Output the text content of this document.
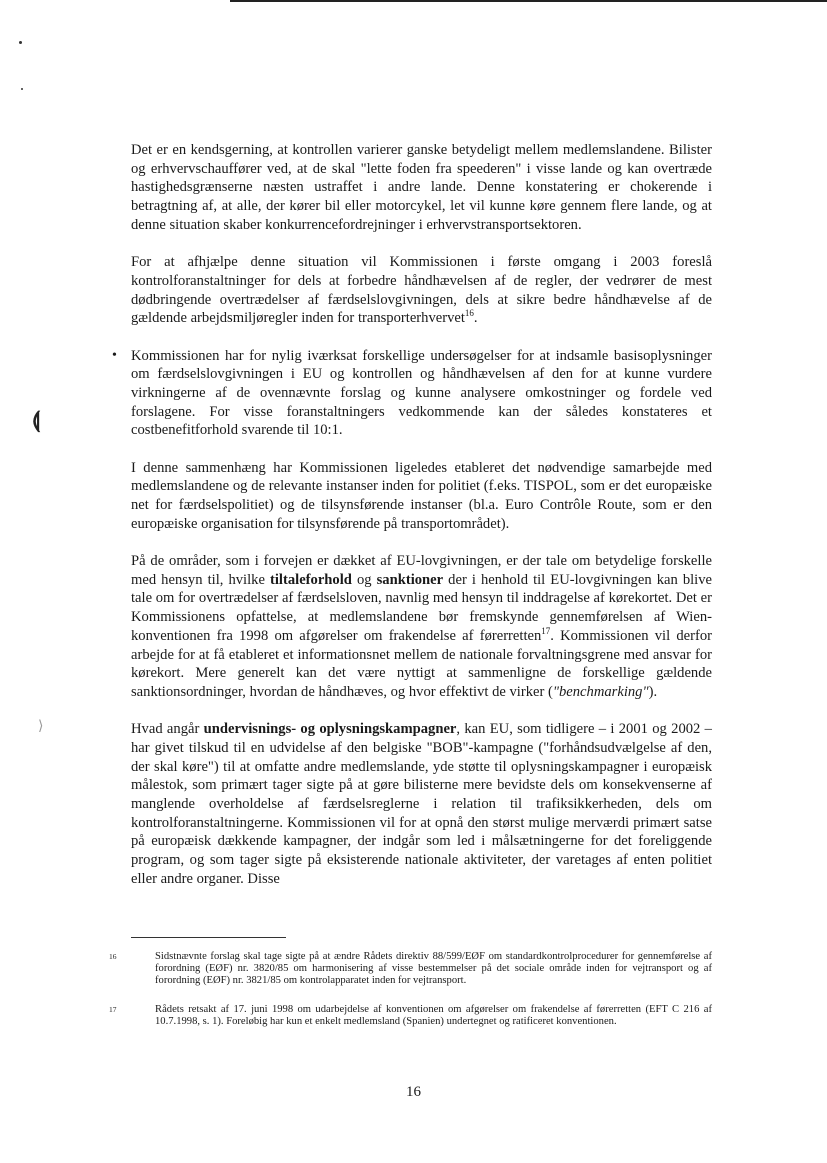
⟬
⟩

Det er en kendsgerning, at kontrollen varierer ganske betydeligt mellem medlemslandene. Bilister og erhvervschauffører ved, at de skal "lette foden fra speederen" i visse lande og kan overtræde hastighedsgrænserne næsten ustraffet i andre lande. Denne konstatering er chokerende i betragtning af, at alle, der kører bil eller motorcykel, let vil kunne køre gennem flere lande, og at denne situation skaber konkurrencefordrejninger i erhvervstransportsektoren.

For at afhjælpe denne situation vil Kommissionen i første omgang i 2003 foreslå kontrolforanstaltninger for dels at forbedre håndhævelsen af de regler, der vedrører de mest dødbringende overtrædelser af færdselslovgivningen, dels at sikre bedre håndhævelse af de gældende arbejdsmiljøregler inden for transporterhvervet$^{16}$.

• Kommissionen har for nylig iværksat forskellige undersøgelser for at indsamle basisoplysninger om færdselslovgivningen i EU og kontrollen og håndhævelsen af den for at kunne vurdere virkningerne af de ovennævnte forslag og kunne analysere omkostninger og fordele ved forslagene. For visse foranstaltningers vedkommende kan der således konstateres et costbenefitforhold svarende til 10:1.

I denne sammenhæng har Kommissionen ligeledes etableret det nødvendige samarbejde med medlemslandene og de relevante instanser inden for politiet (f.eks. TISPOL, som er det europæiske net for færdselspolitiet) og de tilsynsførende instanser (bl.a. Euro Contrôle Route, som er den europæiske organisation for tilsynsførende på transportområdet).

På de områder, som i forvejen er dækket af EU-lovgivningen, er der tale om betydelige forskelle med hensyn til, hvilke tiltaleforhold og sanktioner der i henhold til EU-lovgivningen kan blive tale om for overtrædelser af færdselsloven, navnlig med hensyn til inddragelse af kørekortet. Det er Kommissionens opfattelse, at medlemslandene bør fremskynde gennemførelsen af Wien-konventionen fra 1998 om afgørelser om frakendelse af førerretten$^{17}$. Kommissionen vil derfor arbejde for at få etableret et informationsnet mellem de nationale forvaltningsgrene med ansvar for kørekort. Mere generelt kan det være nyttigt at sammenligne de forskellige gældende sanktionsordninger, hvordan de håndhæves, og hvor effektivt de virker ("benchmarking").

Hvad angår undervisnings- og oplysningskampagner, kan EU, som tidligere – i 2001 og 2002 – har givet tilskud til en udvidelse af den belgiske "BOB"-kampagne ("forhåndsudvælgelse af den, der skal køre") til at omfatte andre medlemslande, yde støtte til oplysningskampagner i europæisk målestok, som primært tager sigte på at gøre bilisterne mere bevidste dels om konsekvenserne af manglende overholdelse af færdselsreglerne i relation til trafiksikkerheden, dels om kontrolforanstaltningerne. Kommissionen vil for at opnå den størst mulige merværdi primært satse på europæisk dækkende kampagner, der indgår som led i målsætningerne for det foreliggende program, og som tager sigte på eksisterende nationale aktiviteter, der varetages af enten politiet eller andre organer. Disse

16	Sidstnævnte forslag skal tage sigte på at ændre Rådets direktiv 88/599/EØF om standardkontrolprocedurer for gennemførelse af forordning (EØF) nr. 3820/85 om harmonisering af visse bestemmelser på det sociale område inden for vejtransport og af forordning (EØF) nr. 3821/85 om kontrolapparatet inden for vejtransport.
17	Rådets retsakt af 17. juni 1998 om udarbejdelse af konventionen om afgørelser om frakendelse af førerretten (EFT C 216 af 10.7.1998, s. 1). Foreløbig har kun et enkelt medlemsland (Spanien) undertegnet og ratificeret konventionen.
16
